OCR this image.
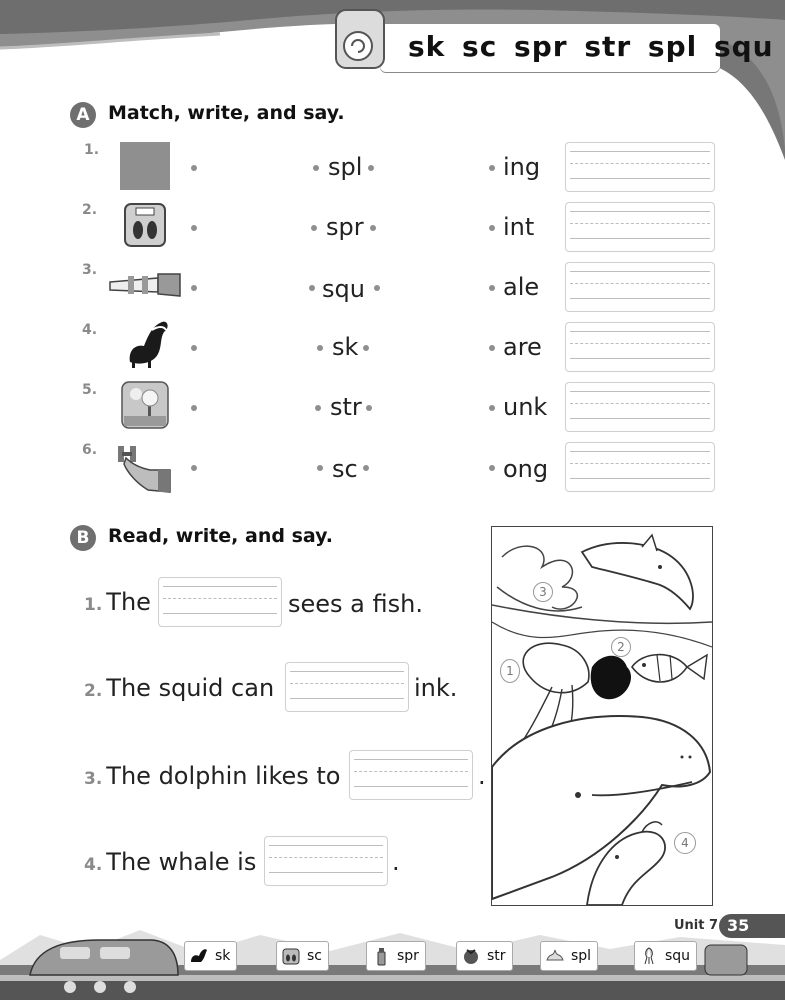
sk sc spr str spl squ
A Match, write, and say.
1.
spl	ing
2.
spr	int
3.
squ	ale
4.
sk	are
5.
str	unk
6.
sc	ong
B Read, write, and say.
1. The	sees a fish.
2. The squid can	ink.
3. The dolphin likes to	.
4. The whale is	.
3
2
1
4
Unit 7 35
sk	sc	spr	str	spl	squ
